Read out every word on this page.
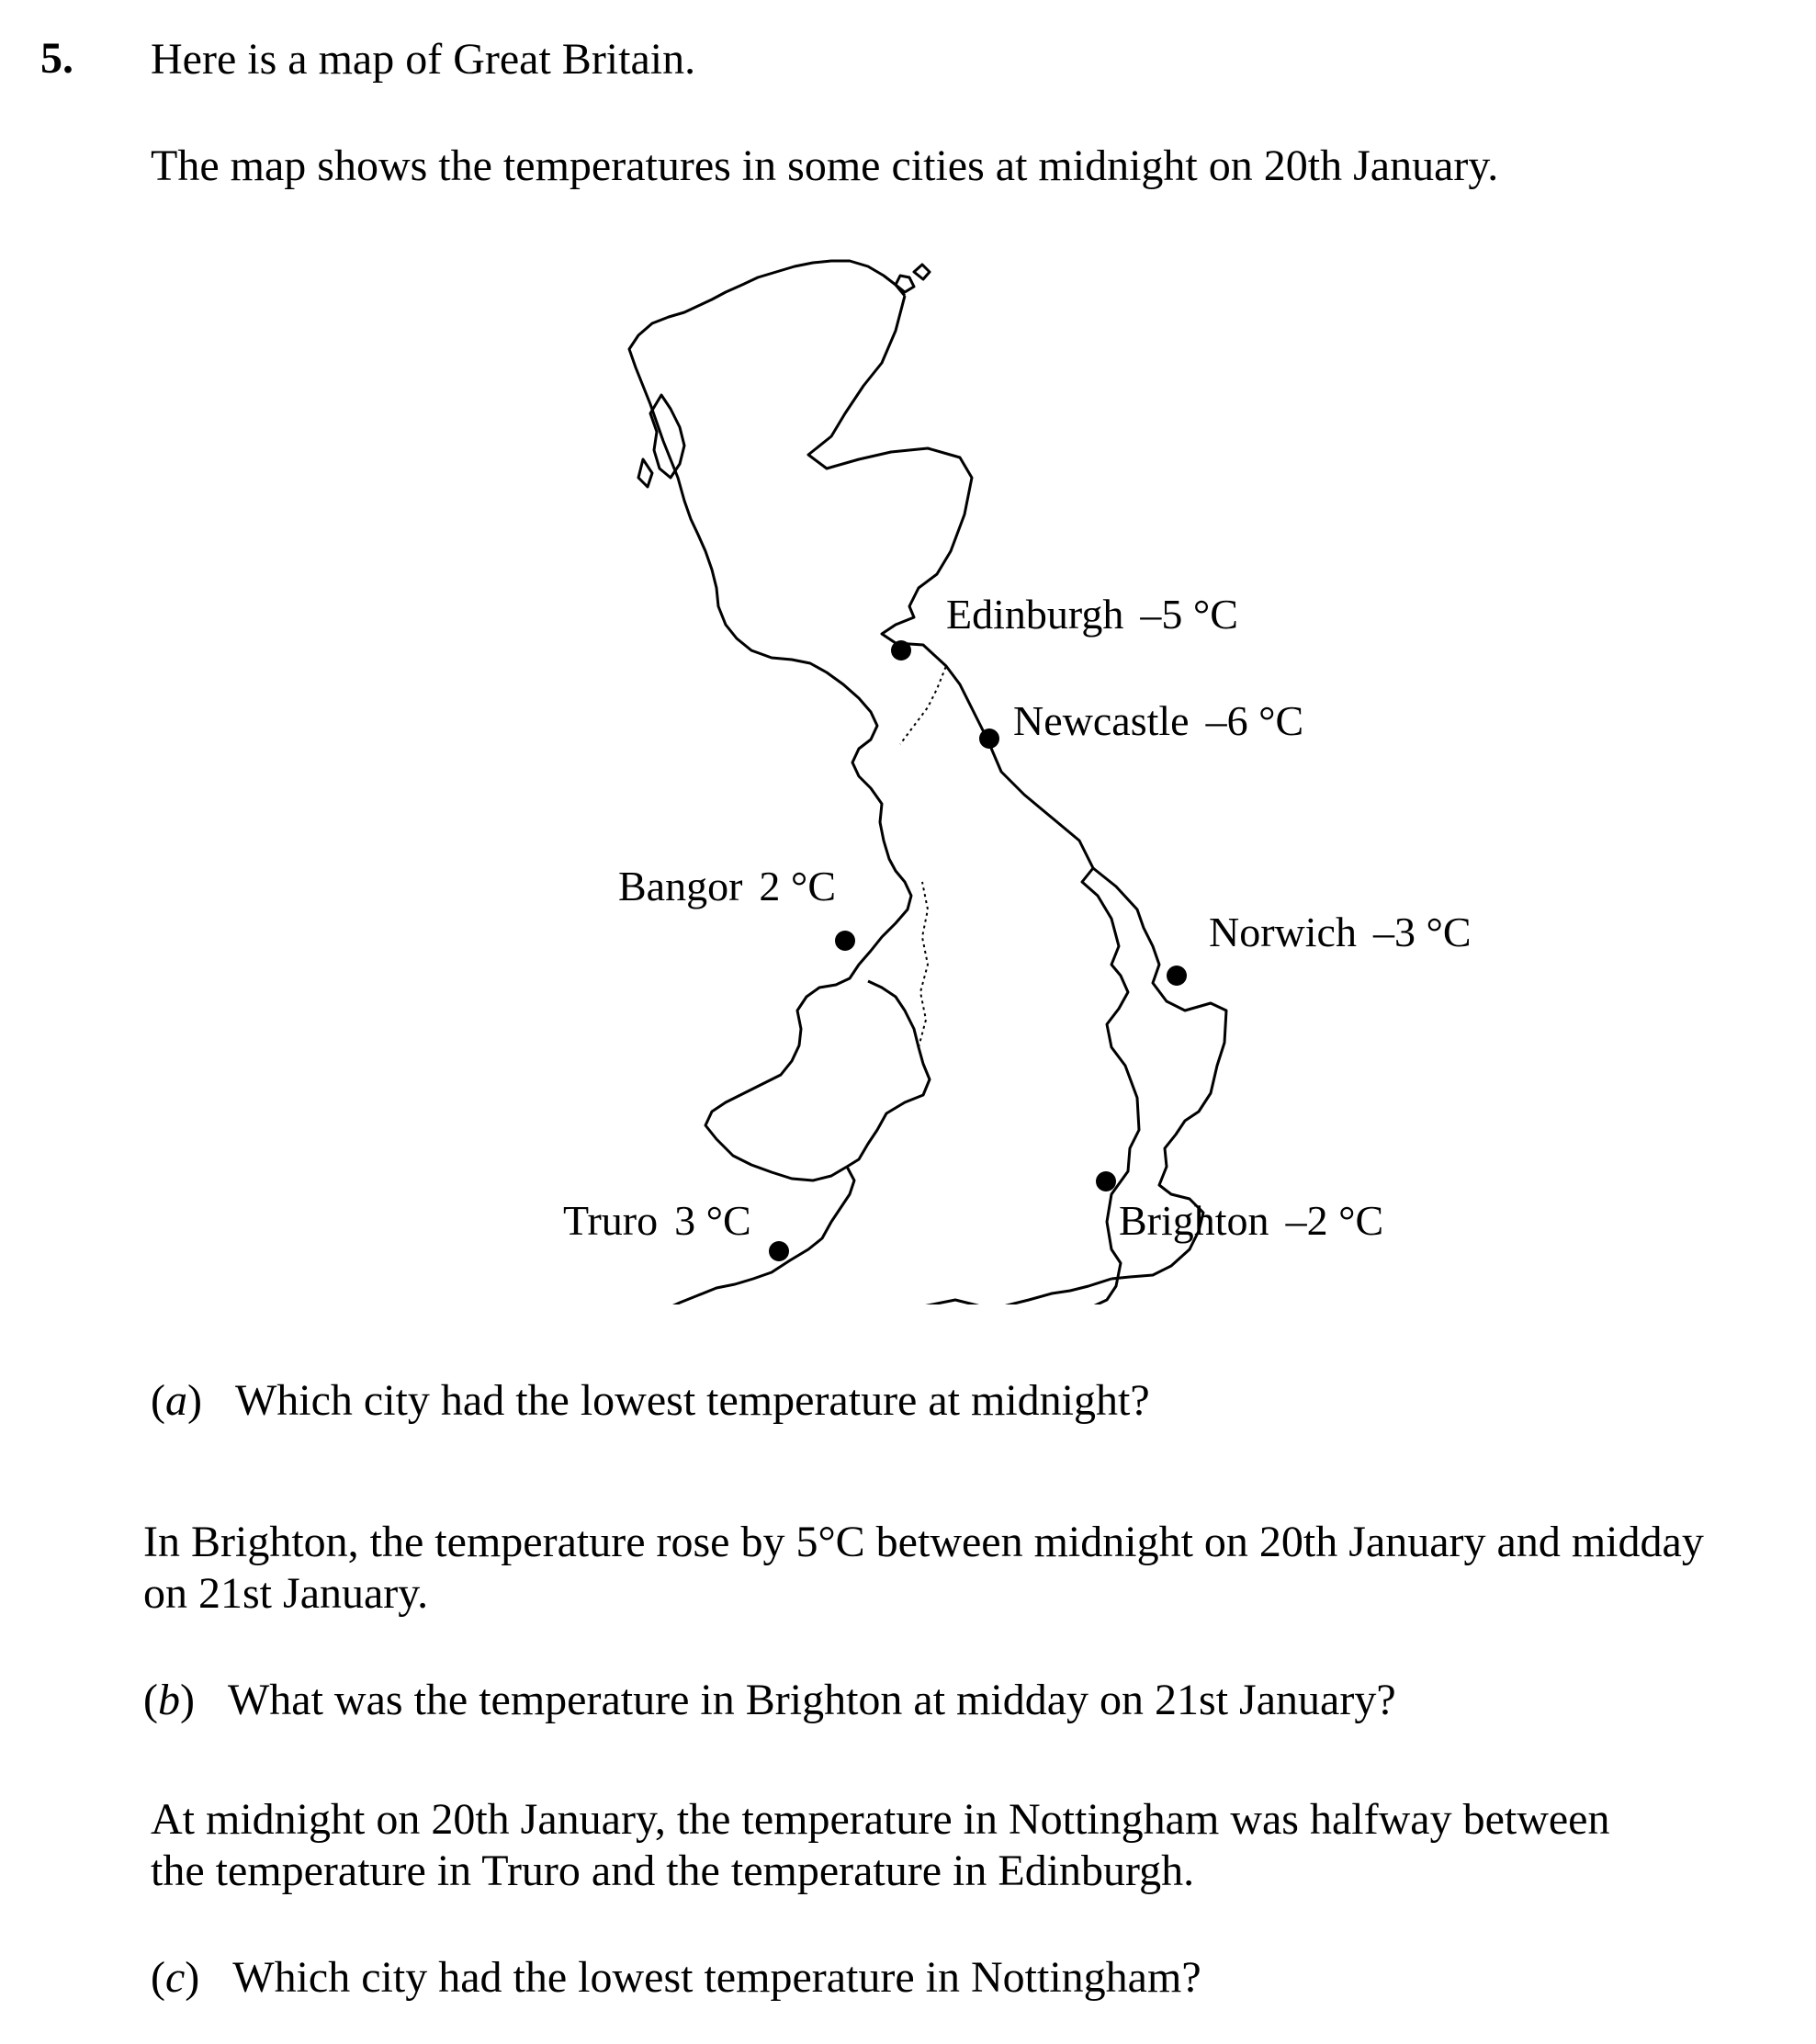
5. Here is a map of Great Britain.
The map shows the temperatures in some cities at midnight on 20th January.
Edinburgh –5 °C
Newcastle –6 °C
Bangor 2 °C
Norwich –3 °C
Truro 3 °C	Brighton –2 °C
(a)   Which city had the lowest temperature at midnight?
In Brighton, the temperature rose by 5°C between midnight on 20th January and midday
on 21st January.
(b)   What was the temperature in Brighton at midday on 21st January?
At midnight on 20th January, the temperature in Nottingham was halfway between
the temperature in Truro and the temperature in Edinburgh.
(c)   Which city had the lowest temperature in Nottingham?
